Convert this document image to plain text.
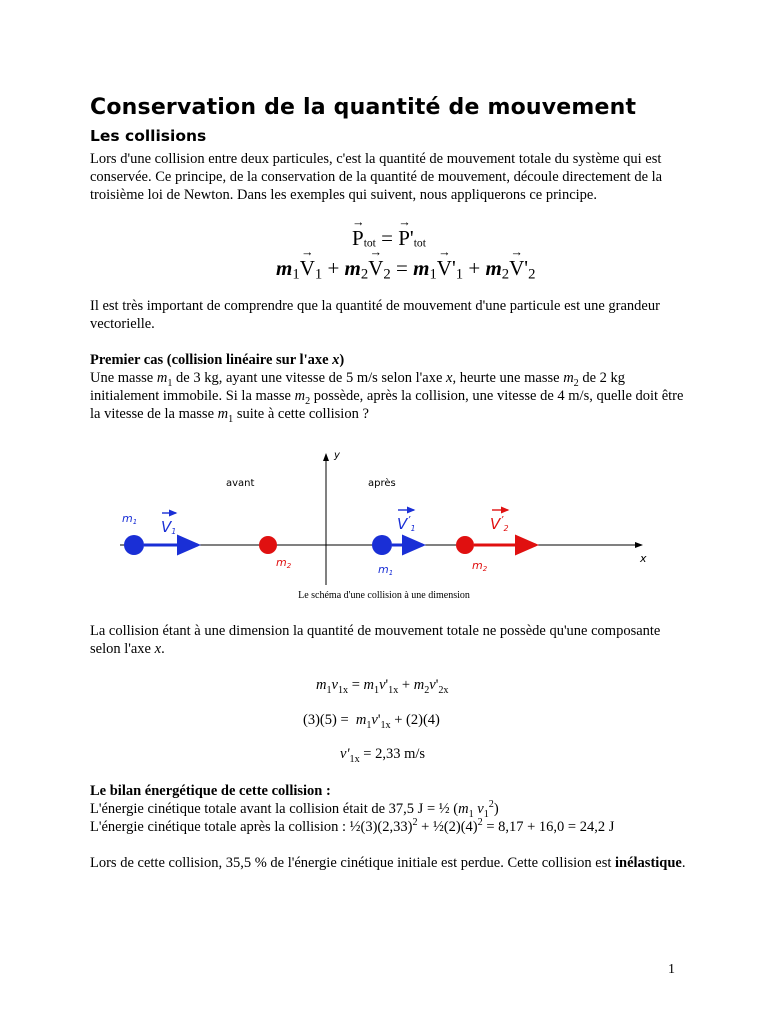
Conservation de la quantité de mouvement
Les collisions

Lors d'une collision entre deux particules, c'est la quantité de mouvement totale du système qui est conservée. Ce principe, de la conservation de la quantité de mouvement, découle directement de la troisième loi de Newton. Dans les exemples qui suivent, nous appliquerons ce principe.

→ Ptot = → P'tot
m1→ V1 + m2→ V2 = m1→ V'1 + m2→ V'2

Il est très important de comprendre que la quantité de mouvement d'une particule est une grandeur vectorielle.

Premier cas (collision linéaire sur l'axe x)

Une masse $m_1$ de 3 kg, ayant une vitesse de 5 m/s selon l'axe x, heurte une masse $m_2$ de 2 kg initialement immobile. Si la masse $m_2$ possède, après la collision, une vitesse de 4 m/s, quelle doit être la vitesse de la masse $m_1$ suite à cette collision ?

y
x
avant	après
m1 V1
m2
$V^’_1$
m1
$V^’_2$
m2
Le schéma d'une collision à une dimension

La collision étant à une dimension la quantité de mouvement totale ne possède qu'une composante selon l'axe x.

$m_1v_{1x} = m_1v'_{1x} + m_2v'_{2x}$
$(3)(5) = m_1v'_{1x} + (2)(4)$
$v'_{1x} = 2,33$ m/s

Le bilan énergétique de cette collision :

L'énergie cinétique totale avant la collision était de 37,5 J = ½ ($m_1$ $v_1^2$)

L'énergie cinétique totale après la collision : $\frac{1}{2}(3)(2,33)^2$ + $\frac{1}{2}(2)(4)^2 = 8,17 + 16,0 = 24,2$ J

Lors de cette collision, 35,5 % de l'énergie cinétique initiale est perdue. Cette collision est inélastique.

1
